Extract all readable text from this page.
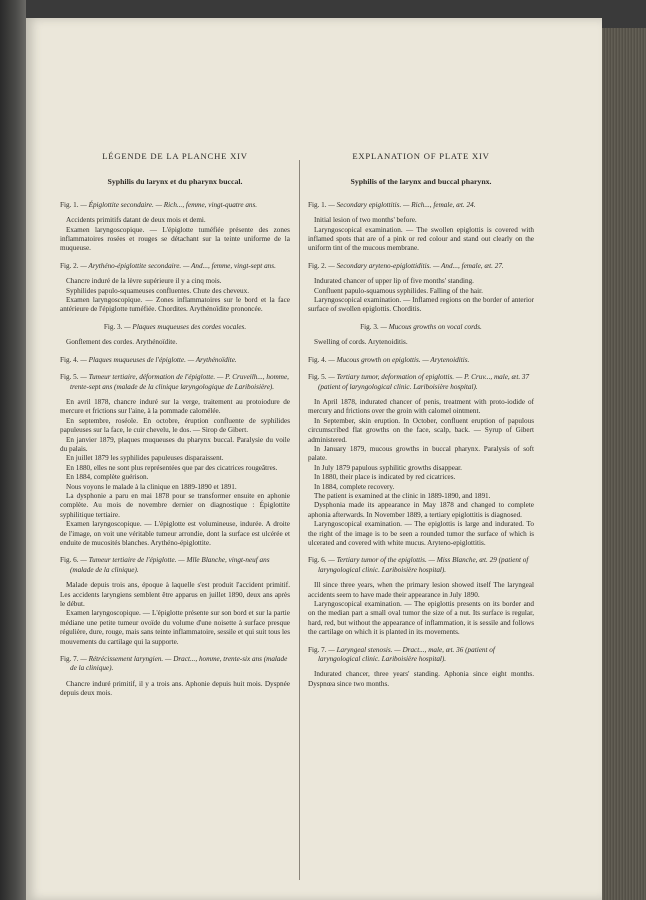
LÉGENDE DE LA PLANCHE XIV
Syphilis du larynx et du pharynx buccal.
Fig. 1. — Épiglottite secondaire. — Rich..., femme, vingt-quatre ans.

Accidents primitifs datant de deux mois et demi.

Examen laryngoscopique. — L'épiglotte tuméfiée présente des zones inflammatoires rosées et rouges se détachant sur la teinte uniforme de la muqueuse.

Fig. 2. — Arythéno-épiglottite secondaire. — And..., femme, vingt-sept ans.

Chancre induré de la lèvre supérieure il y a cinq mois.

Syphilides papulo-squameuses confluentes. Chute des cheveux.

Examen laryngoscopique. — Zones inflammatoires sur le bord et la face antérieure de l'épiglotte tuméfiée. Chordites. Arythénoïdite prononcée.

Fig. 3. — Plaques muqueuses des cordes vocales.

Gonflement des cordes. Arythénoïdite.

Fig. 4. — Plaques muqueuses de l'épiglotte. — Arythénoïdite.
Fig. 5. — Tumeur tertiaire, déformation de l'épiglotte. — P. Cruveilh..., homme, trente-sept ans (malade de la clinique laryngologique de Lariboisière).

En avril 1878, chancre induré sur la verge, traitement au protoiodure de mercure et frictions sur l'aine, à la pommade calomélée.

En septembre, roséole. En octobre, éruption confluente de syphilides papuleuses sur la face, le cuir chevelu, le dos. — Sirop de Gibert.

En janvier 1879, plaques muqueuses du pharynx buccal. Paralysie du voile du palais.

En juillet 1879 les syphilides papuleuses disparaissent.

En 1880, elles ne sont plus représentées que par des cicatrices rougeâtres.

En 1884, complète guérison.

Nous voyons le malade à la clinique en 1889-1890 et 1891.

La dysphonie a paru en mai 1878 pour se transformer ensuite en aphonie complète. Au mois de novembre dernier on diagnostique : Épiglottite syphilitique tertiaire.

Examen laryngoscopique. — L'épiglotte est volumineuse, indurée. A droite de l'image, on voit une véritable tumeur arrondie, dont la surface est ulcérée et enduite de mucosités blanches. Arythéno-épiglottite.

Fig. 6. — Tumeur tertiaire de l'épiglotte. — Mlle Blanche, vingt-neuf ans (malade de la clinique).

Malade depuis trois ans, époque à laquelle s'est produit l'accident primitif. Les accidents laryngiens semblent être apparus en juillet 1890, deux ans après le début.

Examen laryngoscopique. — L'épiglotte présente sur son bord et sur la partie médiane une petite tumeur ovoïde du volume d'une noisette à surface presque régulière, dure, rouge, mais sans teinte inflammatoire, sessile et qui suit tous les mouvements du cartilage qui la supporte.

Fig. 7. — Rétrécissement laryngien. — Dract..., homme, trente-six ans (malade de la clinique).

Chancre induré primitif, il y a trois ans. Aphonie depuis huit mois. Dyspnée depuis deux mois.

EXPLANATION OF PLATE XIV
Syphilis of the larynx and buccal pharynx.
Fig. 1. — Secondary epiglottitis. — Rich..., female, æt. 24.

Initial lesion of two months' before.

Laryngoscopical examination. — The swollen epiglottis is covered with inflamed spots that are of a pink or red colour and stand out clearly on the uniform tint of the mucous membrane.

Fig. 2. — Secondary aryteno-epiglottiditis. — And..., female, æt. 27.

Indurated chancer of upper lip of five months' standing.

Confluent papulo-squamous syphilides. Falling of the hair.

Laryngoscopical examination. — Inflamed regions on the border of anterior surface of swollen epiglottis. Chorditis.

Fig. 3. — Mucous growths on vocal cords.

Swelling of cords. Arytenoiditis.

Fig. 4. — Mucous growth on epiglottis. — Arytenoiditis.
Fig. 5. — Tertiary tumor, deformation of epiglottis. — P. Cruv..., male, æt. 37 (patient of laryngological clinic. Lariboisière hospital).

In April 1878, indurated chancer of penis, treatment with proto-iodide of mercury and frictions over the groin with calomel ointment.

In September, skin eruption. In October, confluent eruption of papulous circumscribed flat growths on the face, scalp, back. — Syrup of Gibert administered.

In January 1879, mucous growths in buccal pharynx. Paralysis of soft palate.

In July 1879 papulous syphilitic growths disappear.

In 1880, their place is indicated by red cicatrices.

In 1884, complete recovery.

The patient is examined at the clinic in 1889-1890, and 1891.

Dysphonia made its appearance in May 1878 and changed to complete aphonia afterwards. In November 1889, a tertiary epiglottitis is diagnosed.

Laryngoscopical examination. — The epiglottis is large and indurated. To the right of the image is to be seen a rounded tumor the surface of which is ulcerated and covered with white mucus. Aryteno-epiglottitis.

Fig. 6. — Tertiary tumor of the epiglottis. — Miss Blanche, æt. 29 (patient of laryngological clinic. Lariboisière hospital).

Ill since three years, when the primary lesion showed itself The laryngeal accidents seem to have made their appearance in July 1890.

Laryngoscopical examination. — The epiglottis presents on its border and on the median part a small oval tumor the size of a nut. Its surface is regular, hard, red, but without the appearance of inflammation, it is sessile and follows the cartilage on which it is planted in its movements.

Fig. 7. — Laryngeal stenosis. — Dract..., male, æt. 36 (patient of laryngological clinic. Lariboisière hospital).

Indurated chancer, three years' standing. Aphonia since eight months. Dyspnœa since two months.
